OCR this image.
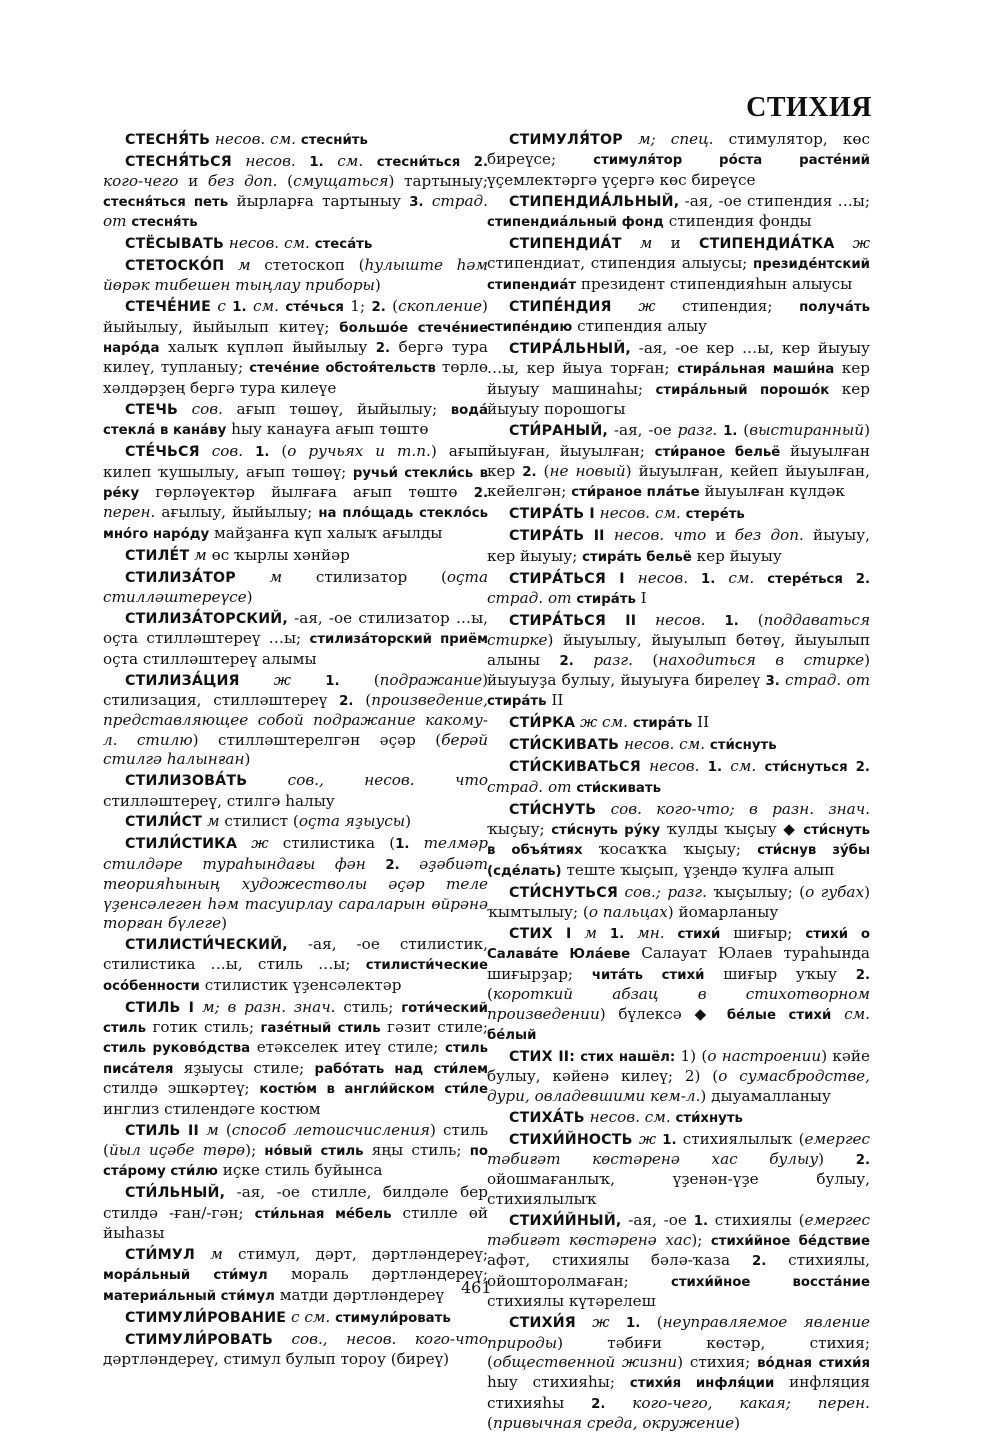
СТИХИЯ

СТЕСНЯ́ТЬ несов. см. стесни́ть

СТЕСНЯ́ТЬСЯ несов. 1. см. стесни́ться 2. кого-чего и без доп. (смущаться) тартыныу; стесня́ться петь йырларға тартыныу 3. страд. от стесня́ть

СТЁСЫВАТЬ несов. см. стеса́ть

СТЕТОСКО́П м стетоскоп (һулыште һәм йөрәк тибешен тыңлау приборы)

СТЕЧЕ́НИЕ с 1. см. сте́чься 1; 2. (скопление) йыйылыу, йыйылып китеү; большо́е стече́ние наро́да халыҡ күпләп йыйылыу 2. бергә тура килеү, тупланыу; стече́ние обстоя́тельств төрлө хәлдәрҙең бергә тура килеүе

СТЕЧЬ сов. ағып төшөү, йыйылыу; вода́ стекла́ в кана́ву һыу канауға ағып төштө

СТЕ́ЧЬСЯ сов. 1. (о ручьях и т.п.) ағып килеп ҡушылыу, ағып төшөү; ручьи́ стекли́сь в ре́ку гөрләүектәр йылғаға ағып төштө 2. перен. ағылыу, йыйылыу; на пло́щадь стекло́сь мно́го наро́ду майҙанға күп халыҡ ағылды

СТИЛЕ́Т м өс ҡырлы хәнйәр

СТИЛИЗА́ТОР м стилизатор (оҫта стилләштереүсе)

СТИЛИЗА́ТОРСКИЙ, -ая, -ое стилизатор …ы, оҫта стилләштереү …ы; стилиза́торский приём оҫта стилләштереү алымы

СТИЛИЗА́ЦИЯ ж 1. (подражание) стилизация, стилләштереү 2. (произведение, представляющее собой подражание какому-л. стилю) стилләштерелгән әҫәр (берәй стилгә һалынған)

СТИЛИЗОВА́ТЬ сов., несов. что стилләштереү, стилгә һалыу

СТИЛИ́СТ м стилист (оҫта яҙыусы)

СТИЛИ́СТИКА ж стилистика (1. телмәр стилдәре тураһындағы фән 2. әҙәбиәт теорияһының художестволы әҫәр теле үҙенсәлеген һәм тасуирлау сараларын өйрәнә торған бүлеге)

СТИЛИСТИ́ЧЕСКИЙ, -ая, -ое стилистик, стилистика …ы, стиль …ы; стилисти́ческие осо́бенности стилистик үҙенсәлектәр

СТИЛЬ I м; в разн. знач. стиль; готи́ческий стиль готик стиль; газе́тный стиль гәзит стиле; стиль руково́дства етәкселек итеү стиле; стиль писа́теля яҙыусы стиле; рабо́тать над сти́лем стилдә эшкәртеү; костю́м в англи́йском сти́ле инглиз стилендәге костюм

СТИЛЬ II м (способ летоисчисления) стиль (йыл иҫәбе төрө); но́вый стиль яңы стиль; по ста́рому сти́лю иҫке стиль буйынса

СТИ́ЛЬНЫЙ, -ая, -ое стилле, билдәле бер стилдә -ған/-гән; сти́льная ме́бель стилле өй йыһазы

СТИ́МУЛ м стимул, дәрт, дәртләндереү; мора́льный сти́мул мораль дәртләндереү; материа́льный сти́мул матди дәртләндереү

СТИМУЛИ́РОВАНИЕ с см. стимули́ровать

СТИМУЛИ́РОВАТЬ сов., несов. кого-что дәртләндереү, стимул булып тороу (биреү)

СТИМУЛЯ́ТОР м; спец. стимулятор, көс биреүсе; стимуля́тор ро́ста расте́ний үҫемлектәргә үҫергә көс биреүсе

СТИПЕНДИА́ЛЬНЫЙ, -ая, -ое стипендия …ы; стипендиа́льный фонд стипендия фонды

СТИПЕНДИА́Т м и СТИПЕНДИА́ТКА ж стипендиат, стипендия алыусы; президе́нтский стипендиа́т президент стипендияһын алыусы

СТИПЕ́НДИЯ ж стипендия; получа́ть стипе́ндию стипендия алыу

СТИРА́ЛЬНЫЙ, -ая, -ое кер …ы, кер йыуыу …ы, кер йыуа торған; стира́льная маши́на кер йыуыу машинаһы; стира́льный порошо́к кер йыуыу порошогы

СТИ́РАНЫЙ, -ая, -ое разг. 1. (выстиранный) йыуған, йыуылған; сти́раное бельё йыуылған кер 2. (не новый) йыуылған, кейеп йыуылған, кейелгән; сти́раное пла́тье йыуылған күлдәк

СТИРА́ТЬ I несов. см. стере́ть

СТИРА́ТЬ II несов. что и без доп. йыуыу, кер йыуыу; стира́ть бельё кер йыуыу

СТИРА́ТЬСЯ I несов. 1. см. стере́ться 2. страд. от стира́ть I

СТИРА́ТЬСЯ II несов. 1. (поддаваться стирке) йыуылыу, йыуылып бөтөү, йыуылып алыны 2. разг. (находиться в стирке) йыуыуҙа булыу, йыуыуға бирелеү 3. страд. от стира́ть II

СТИ́РКА ж см. стира́ть II

СТИ́СКИВАТЬ несов. см. сти́снуть

СТИ́СКИВАТЬСЯ несов. 1. см. сти́снуться 2. страд. от сти́скивать

СТИ́СНУТЬ сов. кого-что; в разн. знач. ҡыҫыу; сти́снуть ру́ку ҡулды ҡыҫыу ◆ сти́снуть в объя́тиях ҡосаҡҡа ҡыҫыу; сти́снув зу́бы (сде́лать) теште ҡыҫып, үҙеңдә ҡулға алып

СТИ́СНУТЬСЯ сов.; разг. ҡыҫылыу; (о губах) ҡымтылыу; (о пальцах) йомарланыу

СТИХ I м 1. мн. стихи́ шиғыр; стихи́ о Салава́те Юла́еве Салауат Юлаев тураһында шиғырҙар; чита́ть стихи́ шиғыр уҡыу 2. (короткий абзац в стихотворном произведении) бүлексә ◆ бе́лые стихи́ см. бе́лый

СТИХ II: стих нашёл: 1) (о настроении) кәйе булыу, кәйенә килеү; 2) (о сумасбродстве, дури, овладевшими кем-л.) дыуамалланыу

СТИХА́ТЬ несов. см. сти́хнуть

СТИХИ́ЙНОСТЬ ж 1. стихиялылыҡ (емергес тәбиғәт көстәренә хас булыу) 2. ойошмағанлыҡ, үҙенән-үҙе булыу, стихиялылыҡ

СТИХИ́ЙНЫЙ, -ая, -ое 1. стихиялы (емергес тәбиғәт көстәренә хас); стихи́йное бе́дствие афәт, стихиялы бәлә-ҡаза 2. стихиялы, ойошторолмаған; стихи́йное восста́ние стихиялы күтәрелеш

СТИХИ́Я ж 1. (неуправляемое явление природы) тәбиғи көстәр, стихия; (общественной жизни) стихия; во́дная стихи́я һыу стихияһы; стихи́я инфля́ции инфляция стихияһы 2. кого-чего, какая; перен. (привычная среда, окружение)

461
